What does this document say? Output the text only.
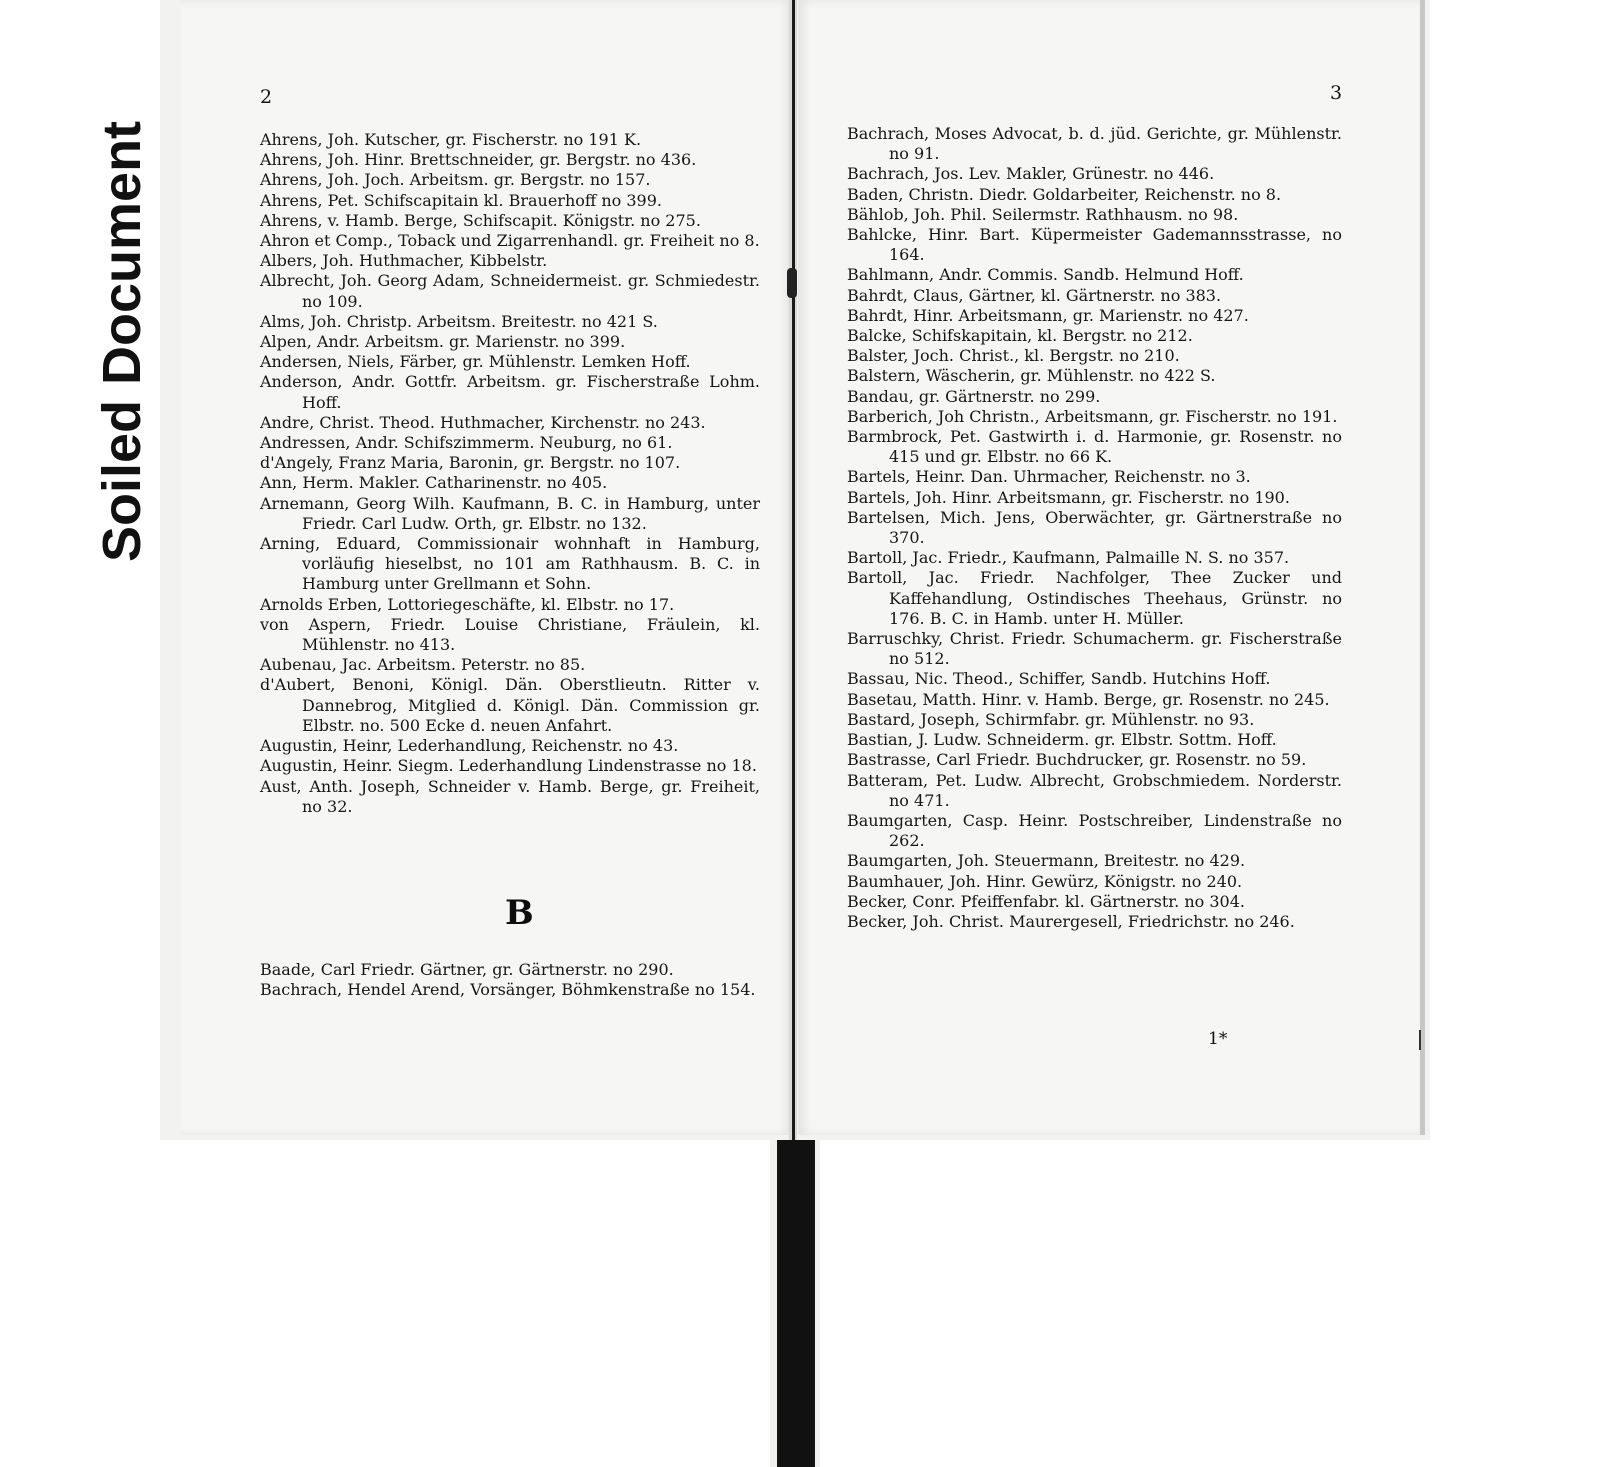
Soiled Document
2
Ahrens, Joh. Kutscher, gr. Fischerstr. no 191 K.
Ahrens, Joh. Hinr. Brettschneider, gr. Bergstr. no 436.
Ahrens, Joh. Joch. Arbeitsm. gr. Bergstr. no 157.
Ahrens, Pet. Schifscapitain kl. Brauerhoff no 399.
Ahrens, v. Hamb. Berge, Schifscapit. Königstr. no 275.
Ahron et Comp., Toback und Zigarrenhandl. gr. Freiheit no 8.
Albers, Joh. Huthmacher, Kibbelstr.
Albrecht, Joh. Georg Adam, Schneidermeist. gr. Schmiedestr. no 109.
Alms, Joh. Christp. Arbeitsm. Breitestr. no 421 S.
Alpen, Andr. Arbeitsm. gr. Marienstr. no 399.
Andersen, Niels, Färber, gr. Mühlenstr. Lemken Hoff.
Anderson, Andr. Gottfr. Arbeitsm. gr. Fischerstraße Lohm. Hoff.
Andre, Christ. Theod. Huthmacher, Kirchenstr. no 243.
Andressen, Andr. Schifszimmerm. Neuburg, no 61.
d'Angely, Franz Maria, Baronin, gr. Bergstr. no 107.
Ann, Herm. Makler. Catharinenstr. no 405.
Arnemann, Georg Wilh. Kaufmann, B. C. in Hamburg, unter Friedr. Carl Ludw. Orth, gr. Elbstr. no 132.
Arning, Eduard, Commissionair wohnhaft in Hamburg, vorläufig hieselbst, no 101 am Rathhausm. B. C. in Hamburg unter Grellmann et Sohn.
Arnolds Erben, Lottoriegeschäfte, kl. Elbstr. no 17.
von Aspern, Friedr. Louise Christiane, Fräulein, kl. Mühlenstr. no 413.
Aubenau, Jac. Arbeitsm. Peterstr. no 85.
d'Aubert, Benoni, Königl. Dän. Oberstlieutn. Ritter v. Dannebrog, Mitglied d. Königl. Dän. Commission gr. Elbstr. no. 500 Ecke d. neuen Anfahrt.
Augustin, Heinr, Lederhandlung, Reichenstr. no 43.
Augustin, Heinr. Siegm. Lederhandlung Lindenstrasse no 18.
Aust, Anth. Joseph, Schneider v. Hamb. Berge, gr. Freiheit, no 32.
B
Baade, Carl Friedr. Gärtner, gr. Gärtnerstr. no 290.
Bachrach, Hendel Arend, Vorsänger, Böhmkenstraße no 154.
3
Bachrach, Moses Advocat, b. d. jüd. Gerichte, gr. Mühlenstr. no 91.
Bachrach, Jos. Lev. Makler, Grünestr. no 446.
Baden, Christn. Diedr. Goldarbeiter, Reichenstr. no 8.
Bählob, Joh. Phil. Seilermstr. Rathhausm. no 98.
Bahlcke, Hinr. Bart. Küpermeister Gademannsstrasse, no 164.
Bahlmann, Andr. Commis. Sandb. Helmund Hoff.
Bahrdt, Claus, Gärtner, kl. Gärtnerstr. no 383.
Bahrdt, Hinr. Arbeitsmann, gr. Marienstr. no 427.
Balcke, Schifskapitain, kl. Bergstr. no 212.
Balster, Joch. Christ., kl. Bergstr. no 210.
Balstern, Wäscherin, gr. Mühlenstr. no 422 S.
Bandau, gr. Gärtnerstr. no 299.
Barberich, Joh Christn., Arbeitsmann, gr. Fischerstr. no 191.
Barmbrock, Pet. Gastwirth i. d. Harmonie, gr. Rosenstr. no 415 und gr. Elbstr. no 66 K.
Bartels, Heinr. Dan. Uhrmacher, Reichenstr. no 3.
Bartels, Joh. Hinr. Arbeitsmann, gr. Fischerstr. no 190.
Bartelsen, Mich. Jens, Oberwächter, gr. Gärtnerstraße no 370.
Bartoll, Jac. Friedr., Kaufmann, Palmaille N. S. no 357.
Bartoll, Jac. Friedr. Nachfolger, Thee Zucker und Kaffehandlung, Ostindisches Theehaus, Grünstr. no 176. B. C. in Hamb. unter H. Müller.
Barruschky, Christ. Friedr. Schumacherm. gr. Fischerstraße no 512.
Bassau, Nic. Theod., Schiffer, Sandb. Hutchins Hoff.
Basetau, Matth. Hinr. v. Hamb. Berge, gr. Rosenstr. no 245.
Bastard, Joseph, Schirmfabr. gr. Mühlenstr. no 93.
Bastian, J. Ludw. Schneiderm. gr. Elbstr. Sottm. Hoff.
Bastrasse, Carl Friedr. Buchdrucker, gr. Rosenstr. no 59.
Batteram, Pet. Ludw. Albrecht, Grobschmiedem. Norderstr. no 471.
Baumgarten, Casp. Heinr. Postschreiber, Lindenstraße no 262.
Baumgarten, Joh. Steuermann, Breitestr. no 429.
Baumhauer, Joh. Hinr. Gewürz, Königstr. no 240.
Becker, Conr. Pfeiffenfabr. kl. Gärtnerstr. no 304.
Becker, Joh. Christ. Maurergesell, Friedrichstr. no 246.
1*
